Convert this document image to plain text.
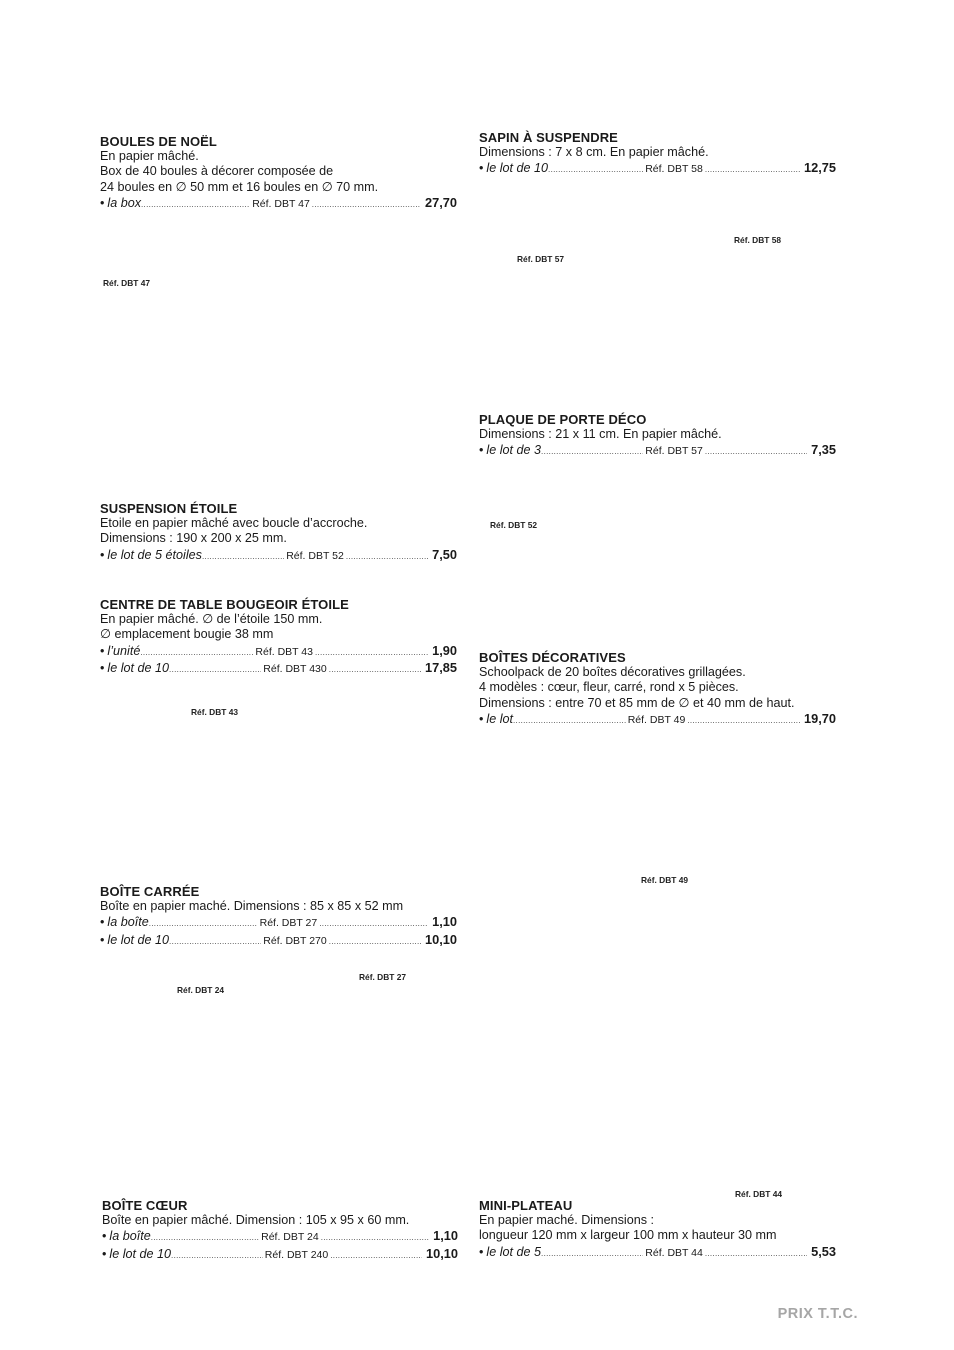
BOULES DE NOËL
En papier mâché.
Box de 40 boules à décorer composée de
24 boules en ∅ 50 mm et 16 boules en ∅ 70 mm.
• la box .....	Réf. DBT 47 .....	27,70
SAPIN À SUSPENDRE
Dimensions : 7 x 8 cm. En papier mâché.
• le lot de 10 .....	Réf. DBT 58 .....	12,75
PLAQUE DE PORTE DÉCO
Dimensions : 21 x 11 cm. En papier mâché.
• le lot de 3 .....	Réf. DBT 57 .....	7,35
SUSPENSION ÉTOILE
Etoile en papier mâché avec boucle d’accroche.
Dimensions : 190 x 200 x 25 mm.
• le lot de 5 étoiles .....	Réf. DBT 52 .....	7,50
CENTRE DE TABLE BOUGEOIR ÉTOILE
En papier mâché. ∅ de l’étoile 150 mm.
∅ emplacement bougie 38 mm
• l’unité .....	Réf. DBT 43 .....	1,90
• le lot de 10 .....	Réf. DBT 430 .....	17,85
BOÎTES DÉCORATIVES
Schoolpack de 20 boîtes décoratives grillagées.
4 modèles : cœur, fleur, carré, rond x 5 pièces.
Dimensions : entre 70 et 85 mm de ∅ et 40 mm de haut.
• le lot .....	Réf. DBT 49 .....	19,70
BOÎTE CARRÉE
Boîte en papier maché. Dimensions : 85 x 85 x 52 mm
• la boîte .....	Réf. DBT 27 .....	1,10
• le lot de 10 .....	Réf. DBT 270 .....	10,10
BOÎTE CŒUR
Boîte en papier mâché. Dimension : 105 x 95 x 60 mm.
• la boîte .....	Réf. DBT 24 .....	1,10
• le lot de 10 .....	Réf. DBT 240 .....	10,10
MINI-PLATEAU
En papier maché. Dimensions :
longueur 120 mm x largeur 100 mm x hauteur 30 mm
• le lot de 5 .....	Réf. DBT 44 .....	5,53
Réf. DBT 58
Réf. DBT 57
Réf. DBT 47
Réf. DBT 52
Réf. DBT 43
Réf. DBT 49
Réf. DBT 27
Réf. DBT 24
Réf. DBT 44
PRIX T.T.C.
